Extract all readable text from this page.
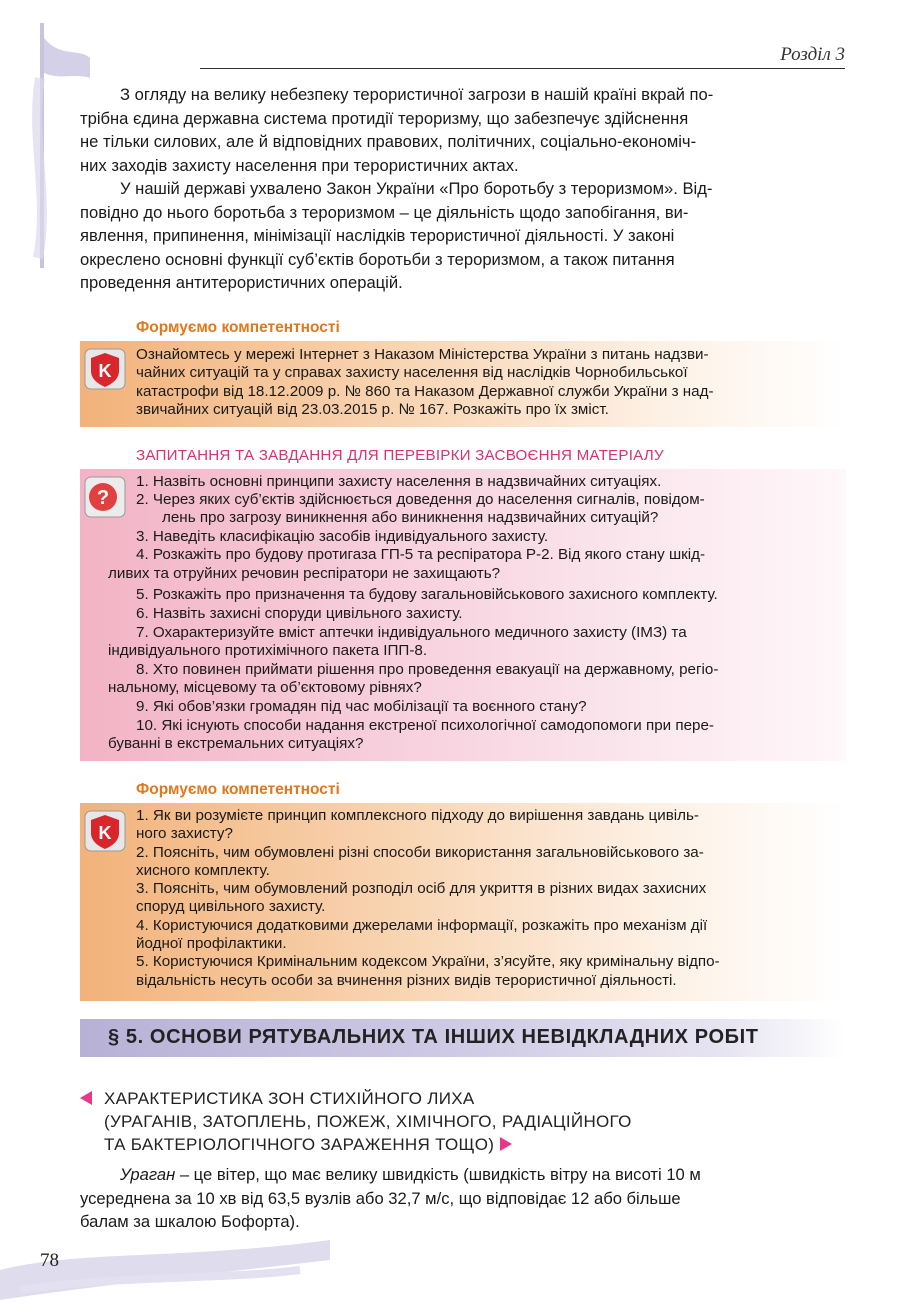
Розділ 3
З огляду на велику небезпеку терористичної загрози в нашій країні вкрай по-
трібна єдина державна система протидії тероризму, що забезпечує здійснення
не тільки силових, але й відповідних правових, політичних, соціально-економіч-
них заходів захисту населення при терористичних актах.
У нашій державі ухвалено Закон України «Про боротьбу з тероризмом». Від-
повідно до нього боротьба з тероризмом – це діяльність щодо запобігання, ви-
явлення, припинення, мінімізації наслідків терористичної діяльності. У законі
окреслено основні функції суб’єктів боротьби з тероризмом, а також питання
проведення антитерористичних операцій.
Формуємо компетентності
K
Ознайомтесь у мережі Інтернет з Наказом Міністерства України з питань надзви-
чайних ситуацій та у справах захисту населення від наслідків Чорнобильської
катастрофи від 18.12.2009 р. № 860 та Наказом Державної служби України з над-
звичайних ситуацій від 23.03.2015 р. № 167. Розкажіть про їх зміст.
ЗАПИТАННЯ ТА ЗАВДАННЯ ДЛЯ ПЕРЕВІРКИ ЗАСВОЄННЯ МАТЕРІАЛУ
?
1. Назвіть основні принципи захисту населення в надзвичайних ситуаціях.
2. Через яких суб’єктів здійснюється доведення до населення сигналів, повідом-
лень про загрозу виникнення або виникнення надзвичайних ситуацій?
3. Наведіть класифікацію засобів індивідуального захисту.
4. Розкажіть про будову протигаза ГП-5 та респіратора Р-2. Від якого стану шкід-
ливих та отруйних речовин респіратори не захищають?
5. Розкажіть про призначення та будову загальновійськового захисного комплекту.
6. Назвіть захисні споруди цивільного захисту.
7. Охарактеризуйте вміст аптечки індивідуального медичного захисту (ІМЗ) та
індивідуального протихімічного пакета ІПП-8.
8. Хто повинен приймати рішення про проведення евакуації на державному, регіо-
нальному, місцевому та об’єктовому рівнях?
9. Які обов’язки громадян під час мобілізації та воєнного стану?
10. Які існують способи надання екстреної психологічної самодопомоги при пере-
буванні в екстремальних ситуаціях?
Формуємо компетентності
K
1. Як ви розумієте принцип комплексного підходу до вирішення завдань цивіль-
ного захисту?
2. Поясніть, чим обумовлені різні способи використання загальновійськового за-
хисного комплекту.
3. Поясніть, чим обумовлений розподіл осіб для укриття в різних видах захисних
споруд цивільного захисту.
4. Користуючися додатковими джерелами інформації, розкажіть про механізм дії
йодної профілактики.
5. Користуючися Кримінальним кодексом України, з’ясуйте, яку кримінальну відпо-
відальність несуть особи за вчинення різних видів терористичної діяльності.
§ 5. ОСНОВИ РЯТУВАЛЬНИХ ТА ІНШИХ НЕВІДКЛАДНИХ РОБІТ
ХАРАКТЕРИСТИКА ЗОН СТИХІЙНОГО ЛИХА
(УРАГАНІВ, ЗАТОПЛЕНЬ, ПОЖЕЖ, ХІМІЧНОГО, РАДІАЦІЙНОГО
ТА БАКТЕРІОЛОГІЧНОГО ЗАРАЖЕННЯ ТОЩО)
Ураган – це вітер, що має велику швидкість (швидкість вітру на висоті 10 м
усереднена за 10 хв від 63,5 вузлів або 32,7 м/с, що відповідає 12 або більше
балам за шкалою Бофорта).
78
